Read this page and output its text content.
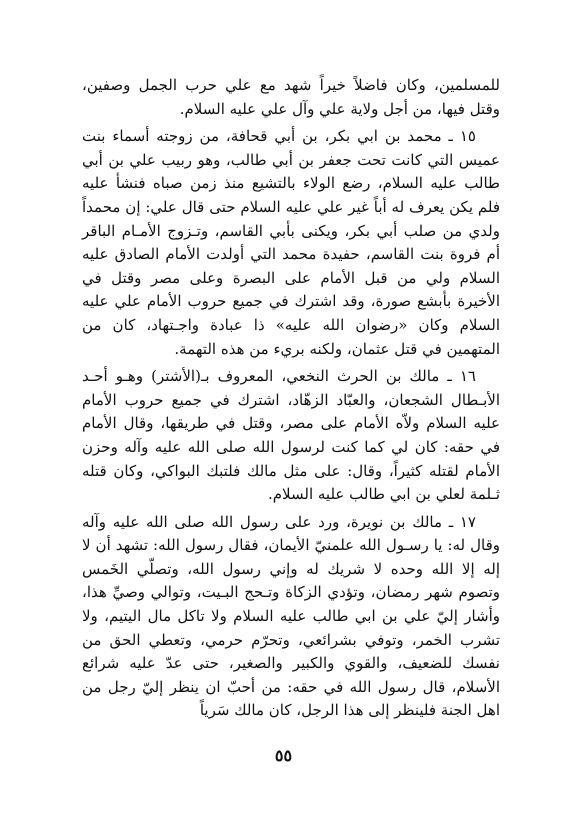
للمسلمين، وكان فاضلاً خيراً شهد مع علي حرب الجمل وصفين، وقتل فيها، من أجل ولاية علي وآل علي عليه السلام.

١٥ ـ محمد بن ابي بكر، بن أبي قحافة، من زوجته أسماء بنت عميس التي كانت تحت جعفر بن أبي طالب، وهو ربيب علي بن أبي طالب عليه السلام، رضع الولاء بالتشيع منذ زمن صباه فنشأ عليه فلم يكن يعرف له أباً غير علي عليه السلام حتى قال علي: إن محمداً ولدي من صلب أبي بكر، ويكنى بأبي القاسم، وتـزوج الأمـام الباقر أم فروة بنت القاسم، حفيدة محمد التي أولدت الأمام الصادق عليه السلام ولي من قبل الأمام على البصرة وعلى مصر وقتل في الأخيرة بأبشع صورة، وقد اشترك في جميع حروب الأمام علي عليه السلام وكان «رضوان الله عليه» ذا عبادة واجـتهاد، كان من المتهمين في قتل عثمان، ولكنه بريء من هذه التهمة.

١٦ ـ مالك بن الحرث النخعي، المعروف بـ(الأشتر) وهـو أحـد الأبـطال الشجعان، والعبّاد الزهّاد، اشترك في جميع حروب الأمام عليه السلام ولاّه الأمام على مصر، وقتل في طريقها، وقال الأمام في حقه: كان لي كما كنت لرسول الله صلى الله عليه وآله وحزن الأمام لقتله كثيراً، وقال: على مثل مالك فلتبك البواكي، وكان قتله ثـلمة لعلي بن ابي طالب عليه السلام.

١٧ ـ مالك بن نويرة، ورد على رسول الله صلى الله عليه وآله وقال له: يا رسـول الله علمنيّ الأيمان، فقال رسول الله: تشهد أن لا إله إلا الله وحده لا شريك له وإني رسول الله، وتصلّي الخَمس وتصوم شهر رمضان، وتؤدي الزكاة وتـحج البـيت، وتوالي وصيِّ هذا، وأشار إليّ علي بن ابي طالب عليه السلام ولا تاكل مال اليتيم، ولا تشرب الخمر، وتوفي بشرائعي، وتحرّم حرمي، وتعطي الحق من نفسك للضعيف، والقوي والكبير والصغير، حتى عدّ عليه شرائع الأسلام، قال رسول الله في حقه: من أحبّ ان ينظر إليّ رجل من اهل الجنة فلينظر إلى هذا الرجل، كان مالك سَرياً

٥٥
